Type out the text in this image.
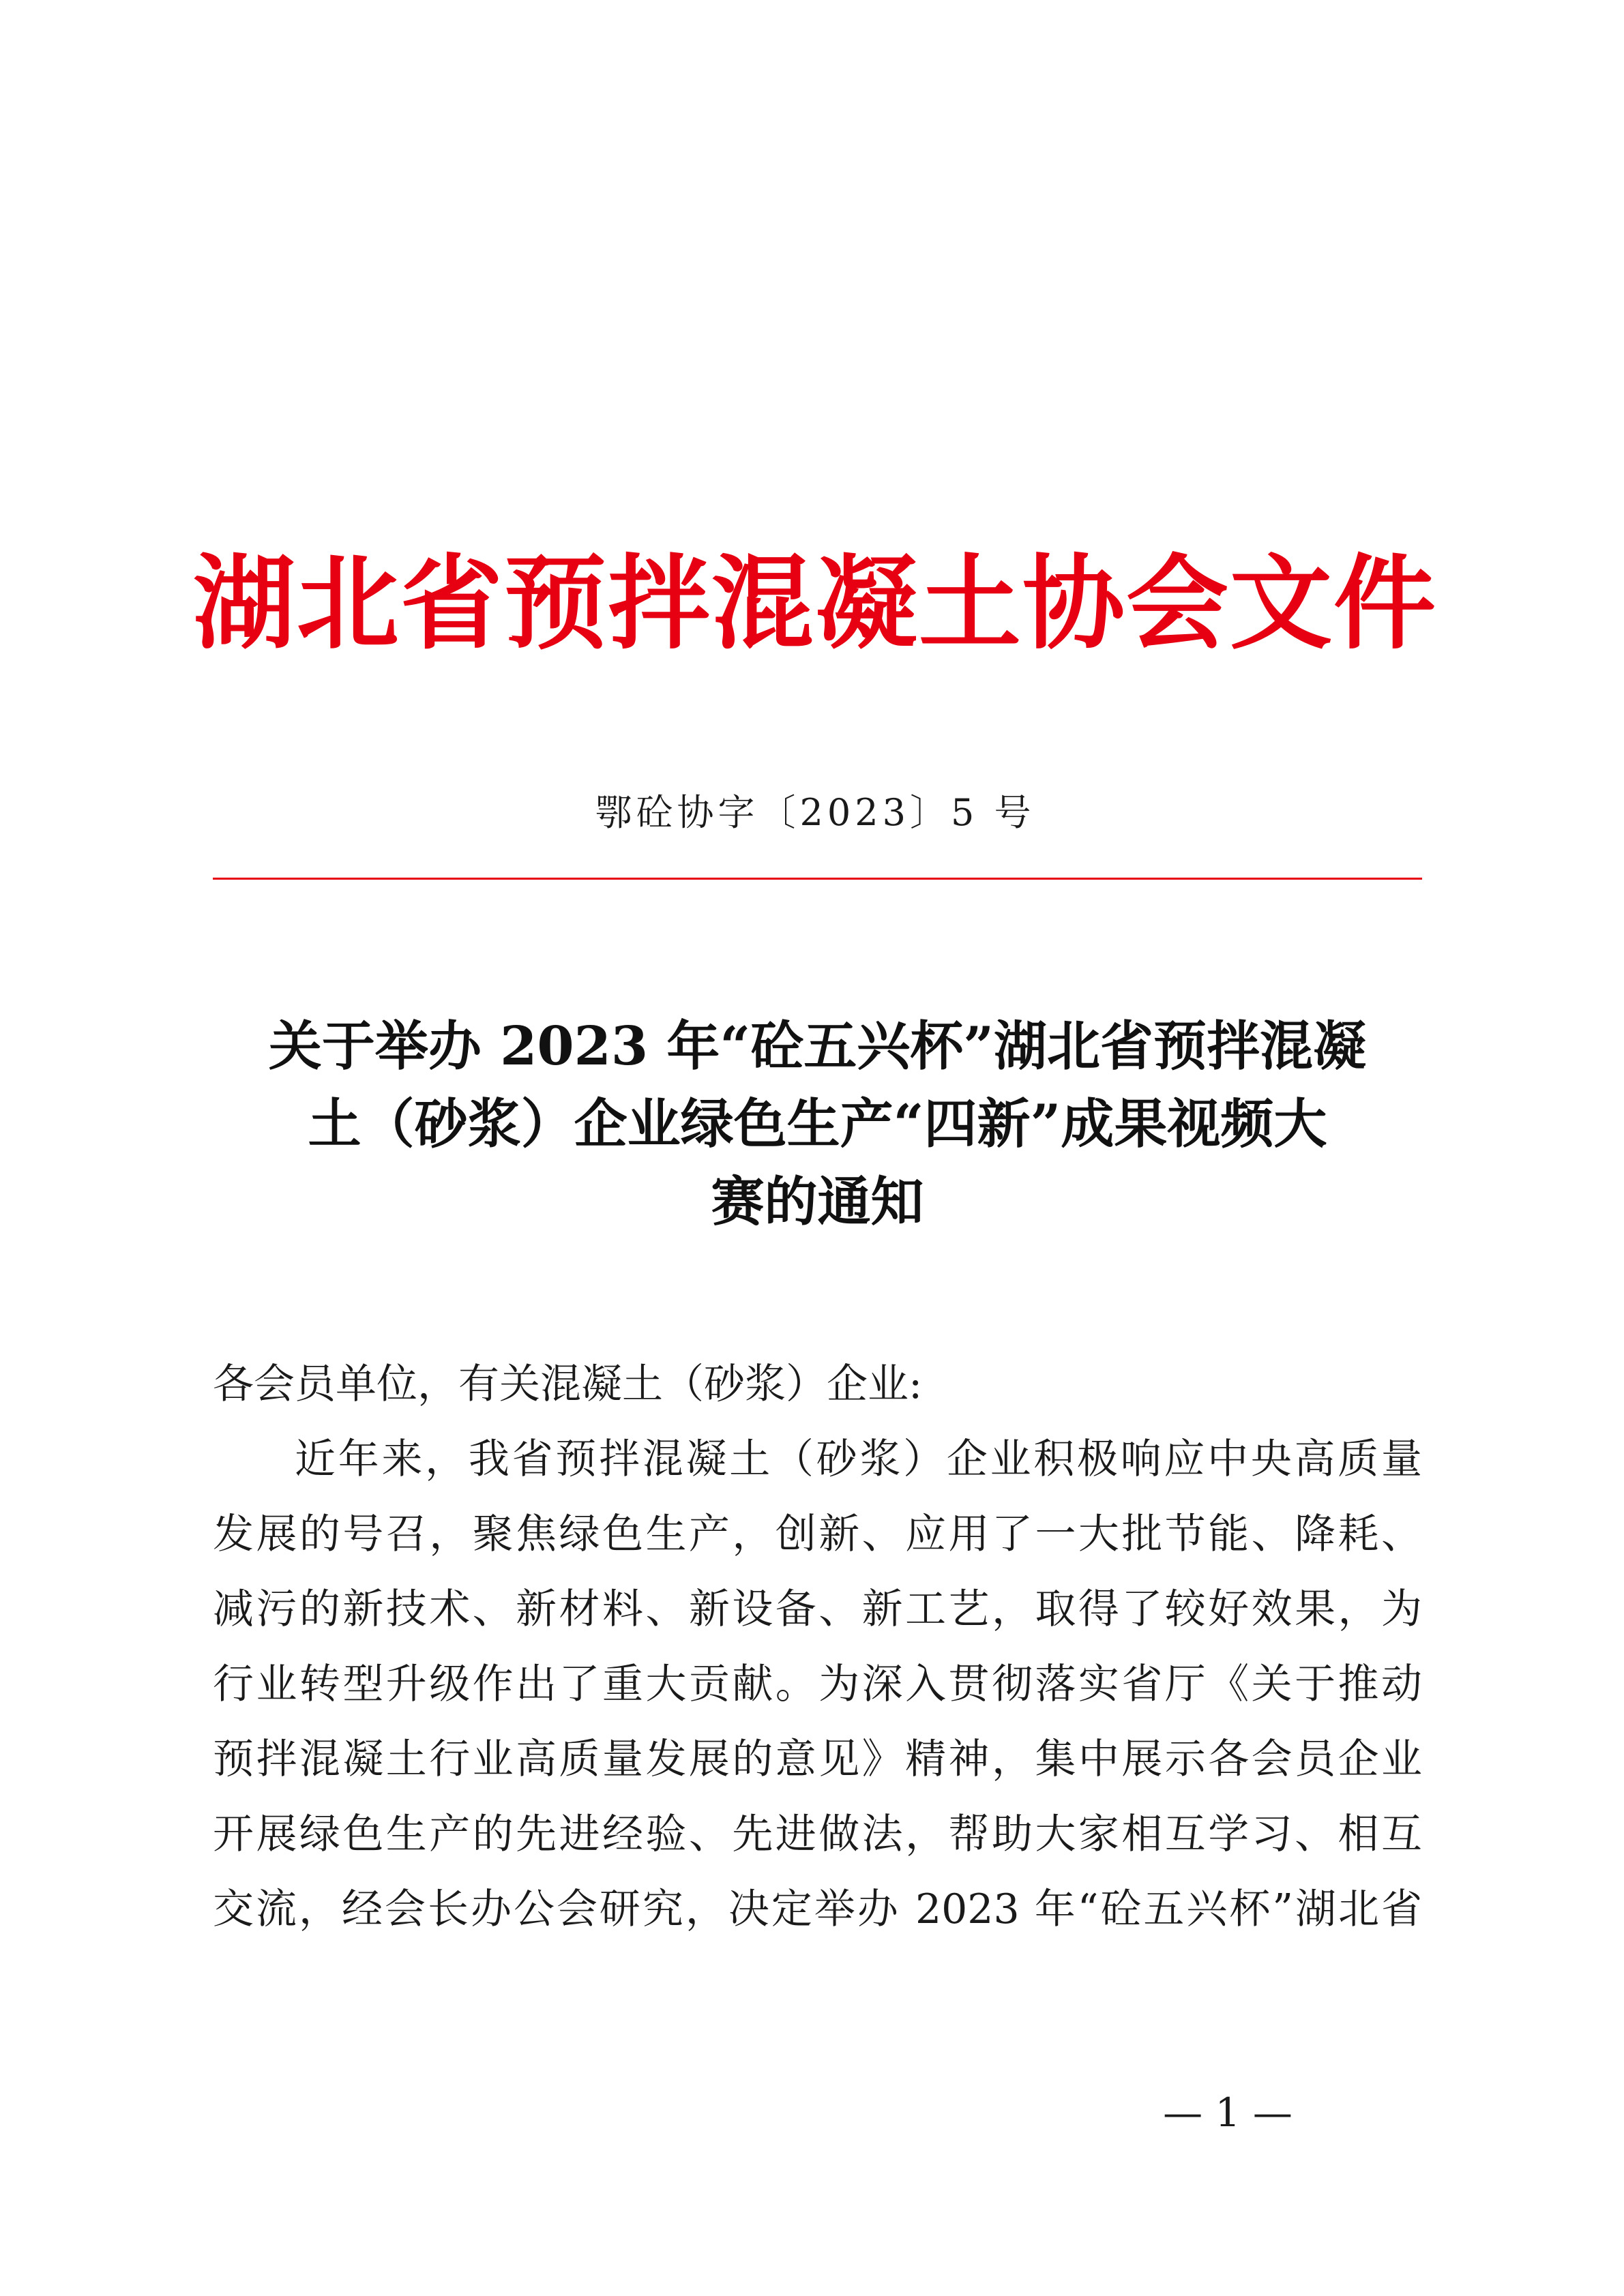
湖北省预拌混凝土协会文件
鄂砼协字〔2023〕5 号
关于举办 2023 年“砼五兴杯”湖北省预拌混凝
土（砂浆）企业绿色生产“四新”成果视频大
赛的通知
各会员单位，有关混凝土（砂浆）企业:
近年来，我省预拌混凝土（砂浆）企业积极响应中央高质量
发展的号召，聚焦绿色生产，创新、应用了一大批节能、降耗、
减污的新技术、新材料、新设备、新工艺，取得了较好效果，为
行业转型升级作出了重大贡献。为深入贯彻落实省厅《关于推动
预拌混凝土行业高质量发展的意见》精神，集中展示各会员企业
开展绿色生产的先进经验、先进做法，帮助大家相互学习、相互
交流，经会长办公会研究，决定举办 2023 年“砼五兴杯”湖北省
— 1 —
